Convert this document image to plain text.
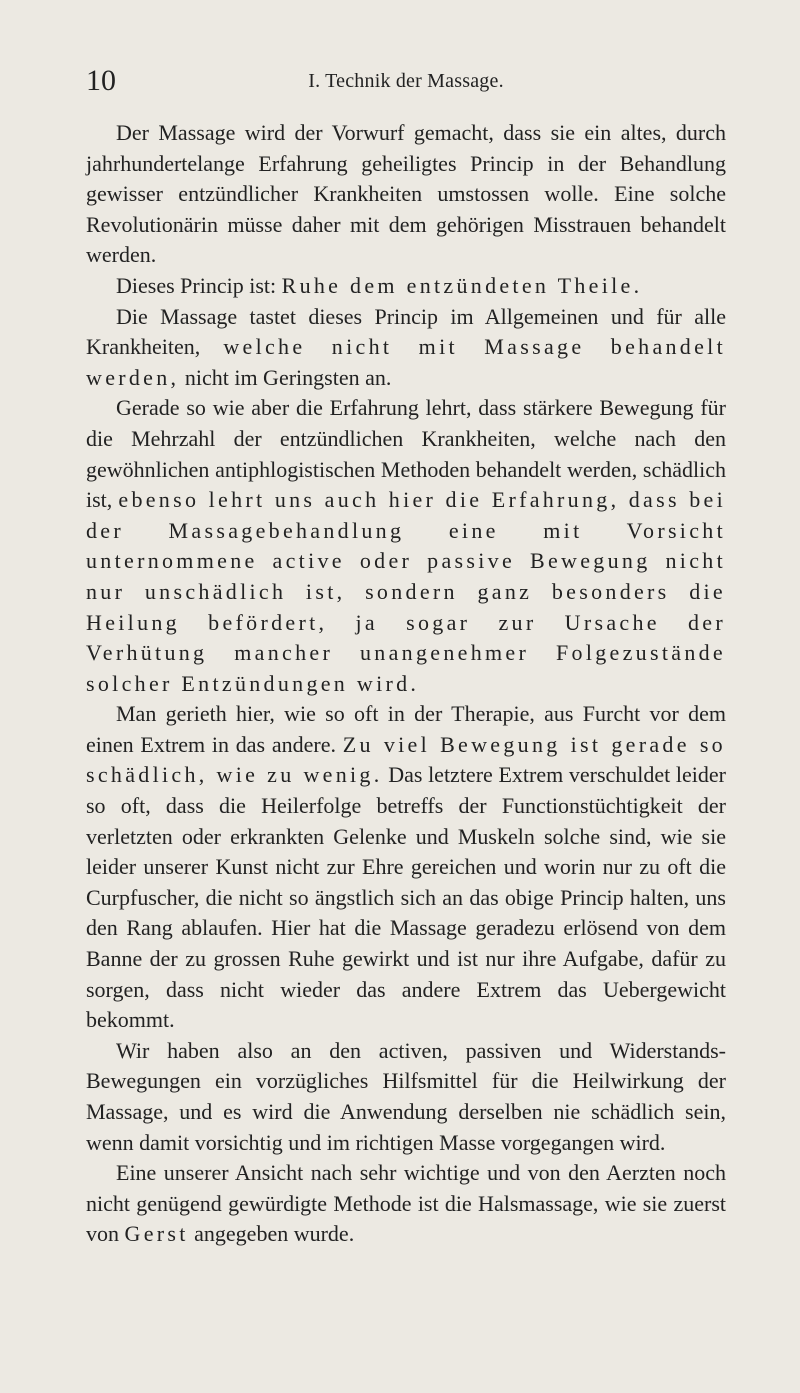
10	I. Technik der Massage.

Der Massage wird der Vorwurf gemacht, dass sie ein altes, durch jahrhundertelange Erfahrung geheiligtes Princip in der Behandlung gewisser entzündlicher Krankheiten umstossen wolle. Eine solche Revolutionärin müsse daher mit dem gehörigen Misstrauen behandelt werden.

Dieses Princip ist: Ruhe dem entzündeten Theile.

Die Massage tastet dieses Princip im Allgemeinen und für alle Krankheiten, welche nicht mit Massage behandelt werden, nicht im Geringsten an.

Gerade so wie aber die Erfahrung lehrt, dass stärkere Bewegung für die Mehrzahl der entzündlichen Krankheiten, welche nach den gewöhnlichen antiphlogistischen Methoden behandelt werden, schädlich ist, ebenso lehrt uns auch hier die Erfahrung, dass bei der Massagebehandlung eine mit Vorsicht unternommene active oder passive Bewegung nicht nur unschädlich ist, sondern ganz besonders die Heilung befördert, ja sogar zur Ursache der Verhütung mancher unangenehmer Folgezustände solcher Entzündungen wird.

Man gerieth hier, wie so oft in der Therapie, aus Furcht vor dem einen Extrem in das andere. Zu viel Bewegung ist gerade so schädlich, wie zu wenig. Das letztere Extrem verschuldet leider so oft, dass die Heilerfolge betreffs der Functionstüchtigkeit der verletzten oder erkrankten Gelenke und Muskeln solche sind, wie sie leider unserer Kunst nicht zur Ehre gereichen und worin nur zu oft die Curpfuscher, die nicht so ängstlich sich an das obige Princip halten, uns den Rang ablaufen. Hier hat die Massage geradezu erlösend von dem Banne der zu grossen Ruhe gewirkt und ist nur ihre Aufgabe, dafür zu sorgen, dass nicht wieder das andere Extrem das Uebergewicht bekommt.

Wir haben also an den activen, passiven und Widerstands-Bewegungen ein vorzügliches Hilfsmittel für die Heilwirkung der Massage, und es wird die Anwendung derselben nie schädlich sein, wenn damit vorsichtig und im richtigen Masse vorgegangen wird.

Eine unserer Ansicht nach sehr wichtige und von den Aerzten noch nicht genügend gewürdigte Methode ist die Halsmassage, wie sie zuerst von Gerst angegeben wurde.
